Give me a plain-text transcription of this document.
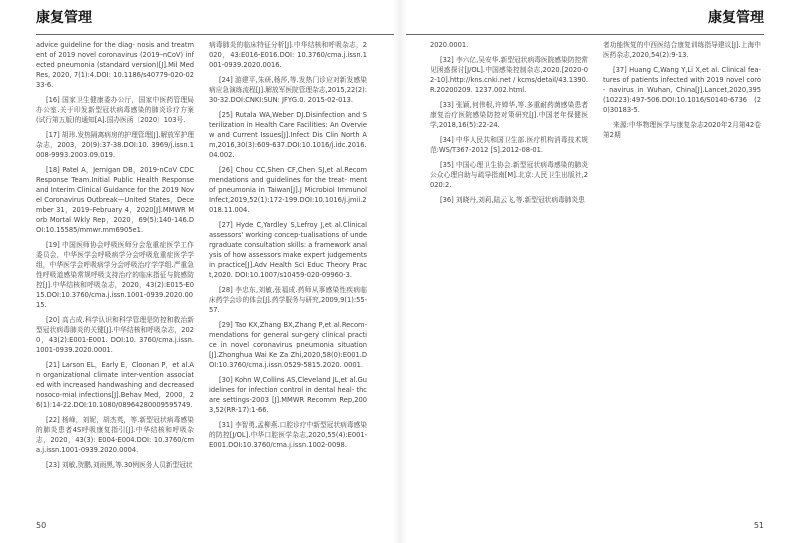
康复管理

advice guideline for the diag- nosis and treatment of 2019 novel coronavirus (2019–nCoV) infected pneumonia (standard version)[J].Mil Med Res, 2020, 7(1):4.DOI: 10.1186/s40779-020-0233-6.

[16] 国家卫生健康委办公厅，国家中医药管理局办公室.关于印发新型冠状病毒感染的肺炎诊疗方案(试行第五版)的通知[A].国办医函〔2020〕103号.

[17] 胡玮.发热隔离病房的护理管理[J].解放军护理杂志，2003，20(9):37-38.DOI:10. 3969/j.issn.1008-9993.2003.09.019.

[18] Patel A，Jernigan DB，2019-nCoV CDC Response Team.Initial Public Health Response and Interim Clinical Guidance for the 2019 Novel Coronavirus Outbreak—United States，December 31，2019–February 4，2020[J].MMWR Morb Mortal Wkly Rep，2020，69(5):140-146.DOI:10.15585/mmwr.mm6905e1.

[19] 中国医师协会呼吸医师分会危重症医学工作委员会，中华医学会呼吸病学分会呼吸危重症医学学组，中华医学会呼吸病学分会呼吸治疗学学组.严重急性呼吸道感染常规呼吸支持治疗的临床指征与院感防控[J].中华结核和呼吸杂志，2020，43(2):E015-E015.DOI:10.3760/cma.j.issn.1001-0939.2020.0015.

[20] 高占成.科学认识和科学管理是防控和救治新型冠状病毒肺炎的关键[J].中华结核和呼吸杂志，2020，43(2):E001-E001. DOI:10. 3760/cma.j.issn.1001-0939.2020.0001.

[21] Larson EL，Early E，Cloonan P，et al.An organizational climate inter-vention associated with increased handwashing and decreased nosoco-mial infections[J].Behav Med，2000，26(1):14-22.DOI:10.1080/08964280009595749.

[22] 杨峰，刘妮，胡杰英，等.新型冠状病毒感染的肺炎患者4S呼吸康复指引[J].中华结核和呼吸杂志，2020，43(3): E004-E004.DOI: 10.3760/cma.j.issn.1001-0939.2020.0004.

[23] 刘敏,贺鹏,刘雨黑,等.30例医务人员新型冠状

病毒肺炎的临床特征分析[J].中华结核和呼吸杂志，2020，43:E016-E016.DOI: 10.3760/cma.j.issn.1001-0939.2020.0016.

[24] 游建平,朱研,杨莎,等.发热门诊应对新发感染病应急演练流程[J].解放军医院管理杂志,2015,22(2):30-32.DOI:CNKI:SUN: JFYG.0. 2015-02-013.

[25] Rutala WA,Weber DJ.Disinfection and Sterilization in Health Care Facilities: An Overview and Current Issues[J].Infect Dis Clin North Am,2016,30(3):609-637.DOI:10.1016/j.idc.2016.04.002.

[26] Chou CC,Shen CF,Chen SJ,et al.Recommendations and guidelines for the treat- ment of pneumonia in Taiwan[J].J Microbiol Immunol Infect,2019,52(1):172-199.DOI:10.1016/j.jmii.2018.11.004.

[27] Hyde C,Yardley S,Lefroy J,et al.Clinical assessors' working concep-tualisations of undergraduate consultation skills: a framework analysis of how assessors make expert judgements in practice[J].Adv Health Sci Educ Theory Pract,2020. DOI:10.1007/s10459-020-09960-3.

[28] 李忠东,刘敏,张福成.药师从事感染性疾病临床药学会诊的体会[J].药学服务与研究,2009,9(1):55-57.

[29] Tao KX,Zhang BX,Zhang P,et al.Recom-mendations for general sur-gery clinical practice in novel coronavirus pneumonia situation [J].Zhonghua Wai Ke Za Zhi,2020,58(0):E001.DOI:10.3760/cma.j.issn.0529-5815.2020. 0001.

[30] Kohn W,Collins AS,Cleveland JL,et al.Guidelines for infection control in dental heal- thcare settings-2003 [J].MMWR Recomm Rep,2003,52(RR-17):1-66.

[31] 李智勇,孟柳燕.口腔诊疗中新型冠状病毒感染的防控[J/OL].中华口腔医学杂志,2020,55(4):E001-E001.DOI:10.3760/cma.j.issn.1002-0098.

50
康复管理

2020.0001.

[32] 李六亿,吴安华.新型冠状病毒医院感染防控常见困惑探讨[J/OL].中国感染控制杂志,2020.[2020-02-10].http://kns.cnki.net / kcms/detail/43.1390.R.20200209. 1237.002.html.

[33] 张颖,何伟根,许婵华,等.多重耐药菌感染患者康复治疗医院感染防控对策研究[J].中国老年保健医学,2018,16(5):22-24.

[34] 中华人民共和国卫生部.医疗机构消毒技术规范:WS/T367-2012 [S].2012-08-01.

[35] 中国心理卫生协会.新型冠状病毒感染的肺炎公众心理自助与疏导指南[M].北京:人民卫生出版社,2020:2.

[36] 刘晓丹,刘莉,陆云飞,等.新型冠状病毒肺炎患

者功能恢复的中西医结合康复训练指导建议[J].上海中医药杂志,2020,54(2):9-13.

[37] Huang C,Wang Y,Li X,et al. Clinical fea- tures of patients infected with 2019 novel coro- navirus in Wuhan, China[J].Lancet,2020,395 (10223):497-506.DOI:10.1016/S0140-6736 (20)30183-5.

来源:中华物理医学与康复杂志2020年2月第42卷第2期

51
